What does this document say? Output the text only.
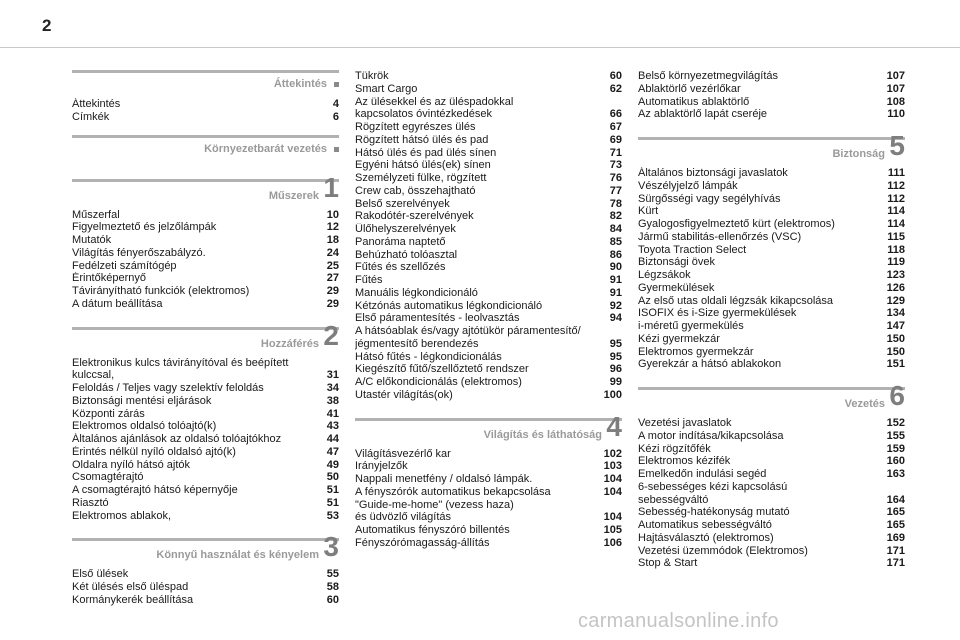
2
Áttekintés
Áttekintés	4
Címkék	6
Környezetbarát vezetés
Műszerek 1
Műszerfal	10
Figyelmeztető és jelzőlámpák	12
Mutatók	18
Világítás fényerőszabályzó.	24
Fedélzeti számítógép	25
Érintőképernyő	27
Távirányítható funkciók (elektromos)	29
A dátum beállítása	29
Hozzáférés 2
Elektronikus kulcs távirányítóval és beépített
kulccsal,	31
Feloldás / Teljes vagy szelektív feloldás	34
Biztonsági mentési eljárások	38
Központi zárás	41
Elektromos oldalsó tolóajtó(k)	43
Általános ajánlások az oldalsó tolóajtókhoz	44
Érintés nélkül nyíló oldalsó ajtó(k)	47
Oldalra nyíló hátsó ajtók	49
Csomagtérajtó	50
A csomagtérajtó hátsó képernyője	51
Riasztó	51
Elektromos ablakok,	53
Könnyű használat és kényelem 3
Első ülések	55
Két ülésés első üléspad	58
Kormánykerék beállítása	60
Tükrök	60
Smart Cargo	62
Az ülésekkel és az üléspadokkal
kapcsolatos óvintézkedések	66
Rögzített egyrészes ülés	67
Rögzített hátsó ülés és pad	69
Hátsó ülés és pad ülés sínen	71
Egyéni hátsó ülés(ek) sínen	73
Személyzeti fülke, rögzített	76
Crew cab, összehajtható	77
Belső szerelvények	78
Rakodótér-szerelvények	82
Ülőhelyszerelvények	84
Panoráma naptető	85
Behúzható tolóasztal	86
Fűtés és szellőzés	90
Fűtés	91
Manuális légkondicionáló	91
Kétzónás automatikus légkondicionáló	92
Első páramentesítés - leolvasztás	94
A hátsóablak és/vagy ajtótükör páramentesítő/
jégmentesítő berendezés	95
Hátsó fűtés - légkondicionálás	95
Kiegészítő fűtő/szellőztető rendszer	96
A/C előkondicionálás (elektromos)	99
Utastér világítás(ok)	100
Világítás és láthatóság 4
Világításvezérlő kar	102
Irányjelzők	103
Nappali menetfény / oldalsó lámpák.	104
A fényszórók automatikus bekapcsolása	104
"Guide-me-home" (vezess haza)
és üdvözlő világítás	104
Automatikus fényszóró billentés	105
Fényszórómagasság-állítás	106
Belső környezetmegvilágítás	107
Ablaktörlő vezérlőkar	107
Automatikus ablaktörlő	108
Az ablaktörlő lapát cseréje	110
Biztonság 5
Általános biztonsági javaslatok	111
Vészélyjelző lámpák	112
Sürgősségi vagy segélyhívás	112
Kürt	114
Gyalogosfigyelmeztető kürt (elektromos)	114
Jármű stabilitás-ellenőrzés (VSC)	115
Toyota Traction Select	118
Biztonsági övek	119
Légzsákok	123
Gyermekülések	126
Az első utas oldali légzsák kikapcsolása	129
ISOFIX és i-Size gyermekülések	134
i-méretű gyermekülés	147
Kézi gyermekzár	150
Elektromos gyermekzár	150
Gyerekzár a hátsó ablakokon	151
Vezetés 6
Vezetési javaslatok	152
A motor indítása/kikapcsolása	155
Kézi rögzítőfék	159
Elektromos kézifék	160
Emelkedőn indulási segéd	163
6-sebességes kézi kapcsolású
sebességváltó	164
Sebesség-hatékonyság mutató	165
Automatikus sebességváltó	165
Hajtásválasztó (elektromos)	169
Vezetési üzemmódok (Elektromos)	171
Stop & Start	171
carmanualsonline.info
